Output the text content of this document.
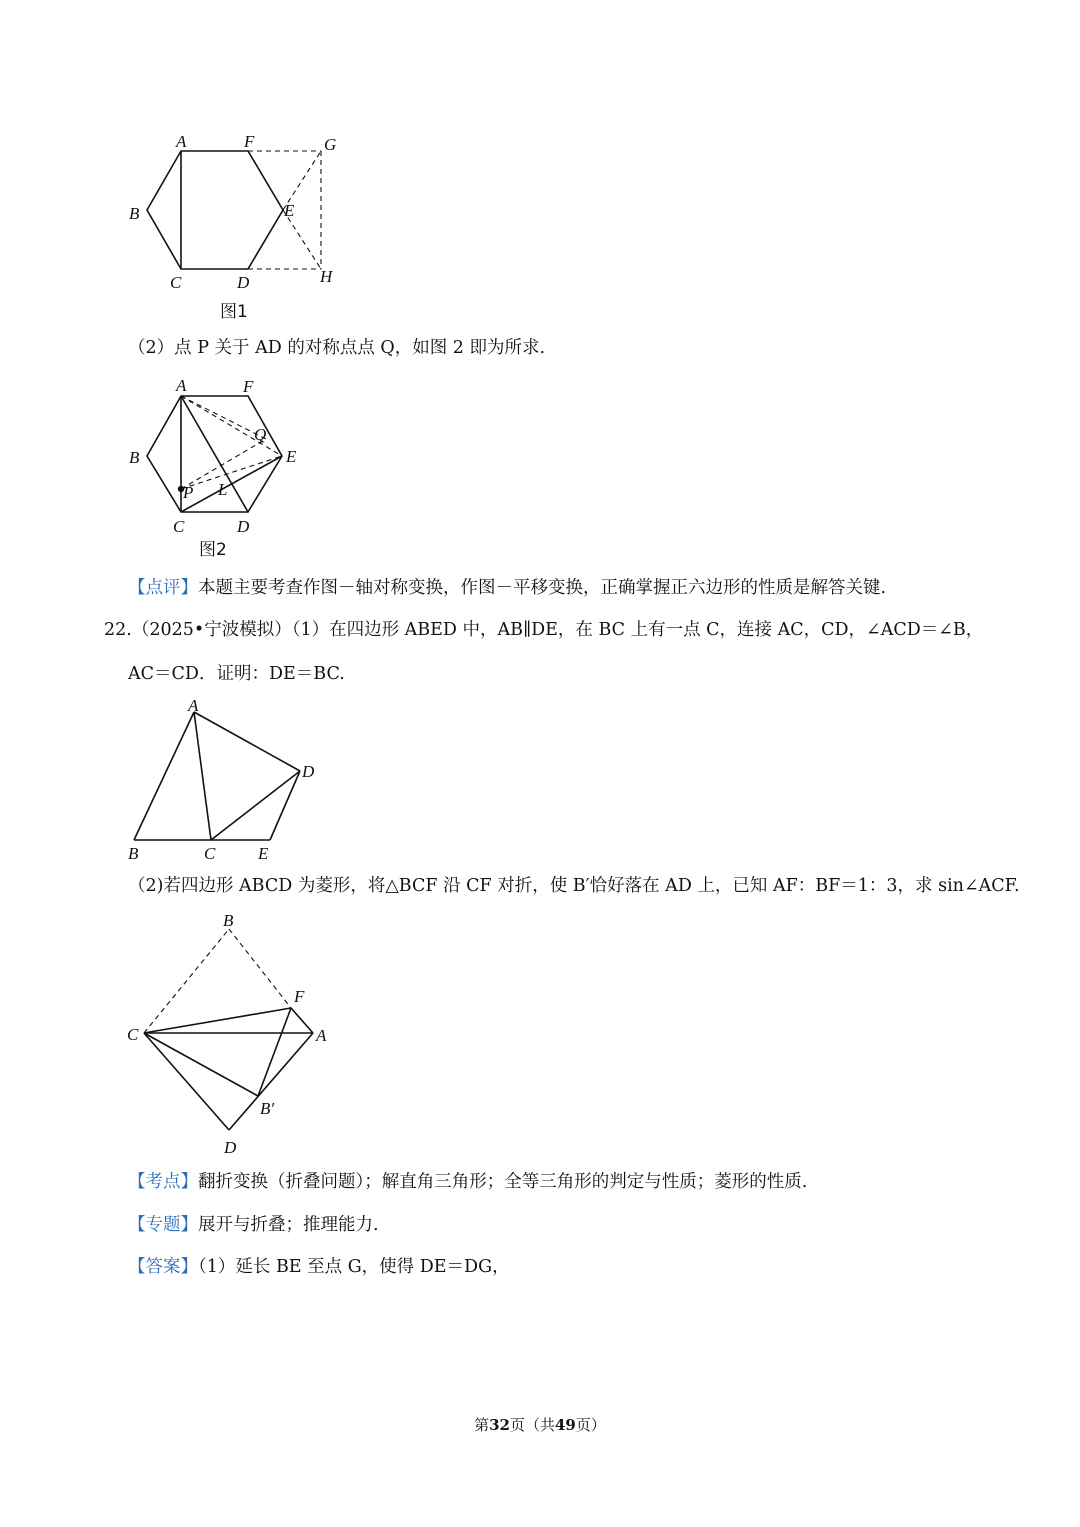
A	F	G
B	E
C	D	H
图1
（2）点 P 关于 AD 的对称点点 Q，如图 2 即为所求.
A	F
Q
B	E
P L
C	D
图2
【点评】本题主要考查作图－轴对称变换，作图－平移变换，正确掌握正六边形的性质是解答关键.
22.（2025•宁波模拟）（1）在四边形 ABED 中，AB∥DE，在 BC 上有一点 C，连接 AC，CD，∠ACD＝∠B，
AC＝CD．证明：DE＝BC.
A
D
B	C	E
（2)若四边形 ABCD 为菱形，将△BCF 沿 CF 对折，使 B′恰好落在 AD 上，已知 AF：BF＝1：3，求 sin∠ACF.
B
F
C	A
B′
D
【考点】翻折变换（折叠问题）；解直角三角形；全等三角形的判定与性质；菱形的性质.
【专题】展开与折叠；推理能力.
【答案】（1）延长 BE 至点 G，使得 DE＝DG，
第32页（共49页）
